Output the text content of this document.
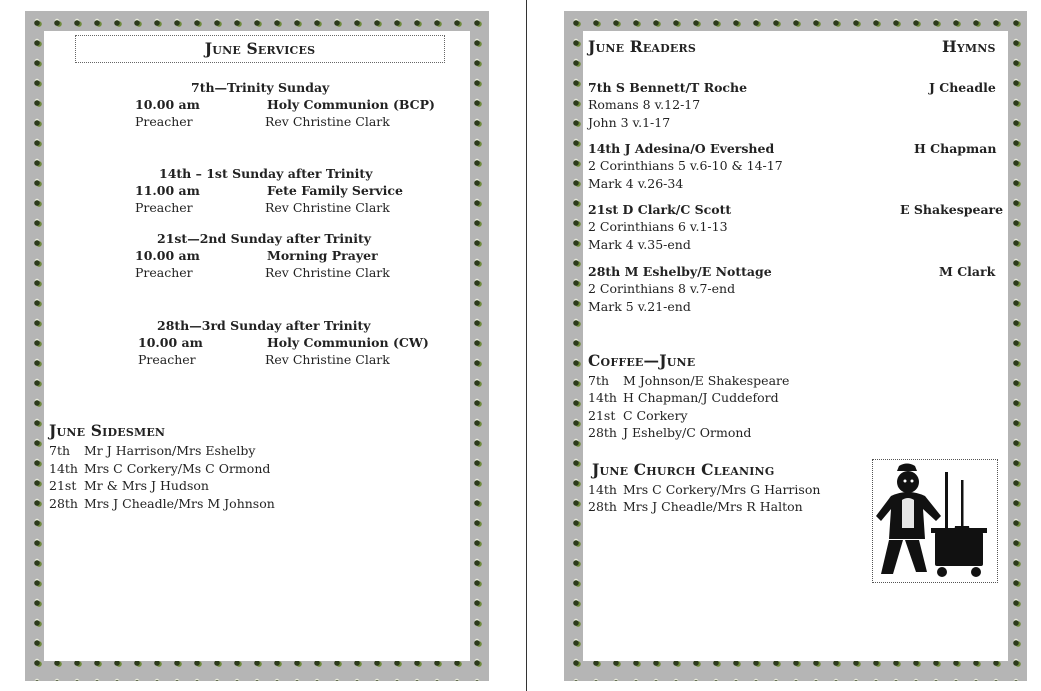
June Services
7th—Trinity Sunday
10.00 am	Holy Communion (BCP)
Preacher	Rev Christine Clark
14th – 1st Sunday after Trinity
11.00 am	Fete Family Service
Preacher	Rev Christine Clark
21st—2nd Sunday after Trinity
10.00 am	Morning Prayer
Preacher	Rev Christine Clark
28th—3rd Sunday after Trinity
10.00 am	Holy Communion (CW)
Preacher	Rev Christine Clark
June Sidesmen
7th Mr J Harrison/Mrs Eshelby
14th Mrs C Corkery/Ms C Ormond
21st Mr & Mrs J Hudson
28th Mrs J Cheadle/Mrs M Johnson
June Readers	Hymns
7th S Bennett/T Roche	J Cheadle
Romans 8 v.12-17
John 3 v.1-17
14th J Adesina/O Evershed	H Chapman
2 Corinthians 5 v.6-10 & 14-17
Mark 4 v.26-34
21st D Clark/C Scott	E Shakespeare
2 Corinthians 6 v.1-13
Mark 4 v.35-end
28th M Eshelby/E Nottage	M Clark
2 Corinthians 8 v.7-end
Mark 5 v.21-end
Coffee—June
7th M Johnson/E Shakespeare
14th H Chapman/J Cuddeford
21st C Corkery
28th J Eshelby/C Ormond
June Church Cleaning
14th Mrs C Corkery/Mrs G Harrison
28th Mrs J Cheadle/Mrs R Halton
